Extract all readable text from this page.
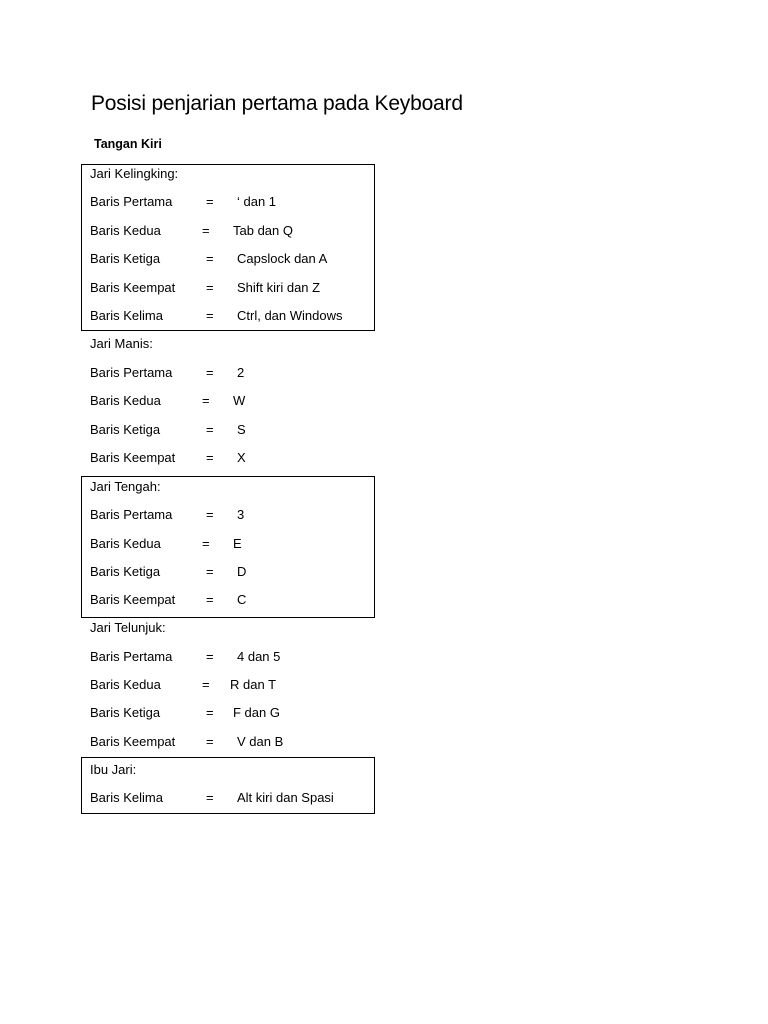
Posisi penjarian pertama pada Keyboard
Tangan Kiri
Jari Kelingking:
Baris Pertama	= ‘ dan 1
Baris Kedua	= Tab dan Q
Baris Ketiga	= Capslock dan A
Baris Keempat = Shift kiri dan Z
Baris Kelima	= Ctrl, dan Windows
Jari Manis:
Baris Pertama	= 2
Baris Kedua	= W
Baris Ketiga	= S
Baris Keempat = X
Jari Tengah:
Baris Pertama	= 3
Baris Kedua	= E
Baris Ketiga	= D
Baris Keempat = C
Jari Telunjuk:
Baris Pertama	= 4 dan 5
Baris Kedua	= R dan T
Baris Ketiga	= F dan G
Baris Keempat = V dan B
Ibu Jari:
Baris Kelima	= Alt kiri dan Spasi
